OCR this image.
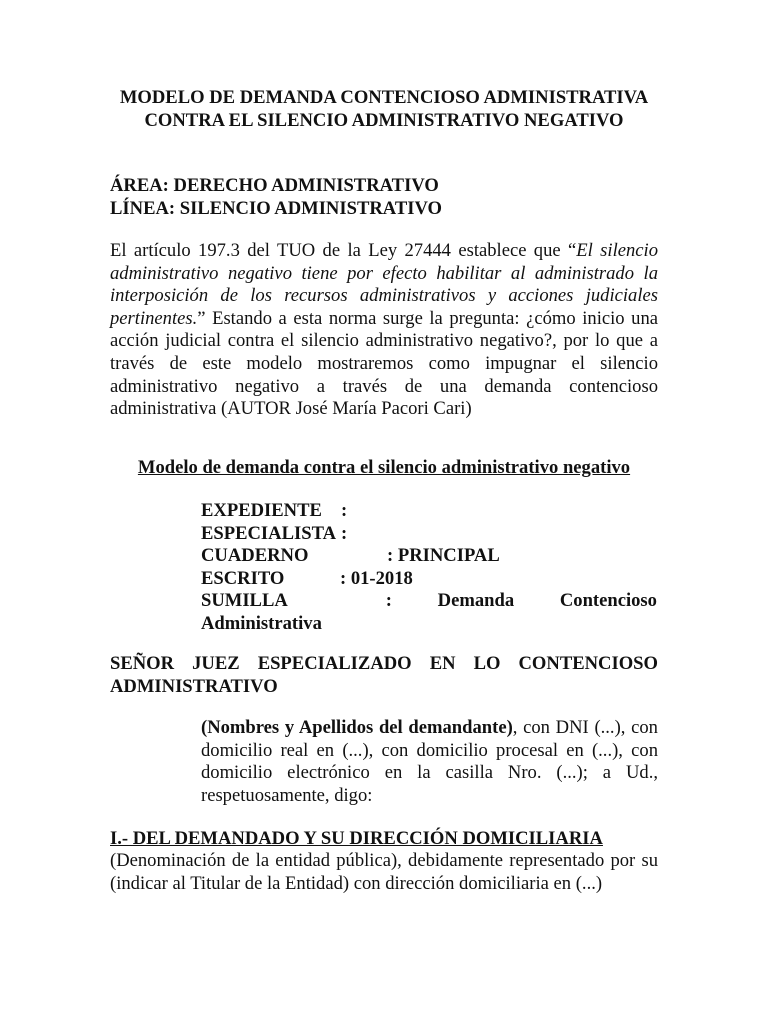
MODELO DE DEMANDA CONTENCIOSO ADMINISTRATIVA
CONTRA EL SILENCIO ADMINISTRATIVO NEGATIVO
ÁREA: DERECHO ADMINISTRATIVO
LÍNEA: SILENCIO ADMINISTRATIVO
El artículo 197.3 del TUO de la Ley 27444 establece que “El silencio administrativo negativo tiene por efecto habilitar al administrado la interposición de los recursos administrativos y acciones judiciales pertinentes.” Estando a esta norma surge la pregunta: ¿cómo inicio una acción judicial contra el silencio administrativo negativo?, por lo que a través de este modelo mostraremos como impugnar el silencio administrativo negativo a través de una demanda contencioso administrativa (AUTOR José María Pacori Cari)
Modelo de demanda contra el silencio administrativo negativo
EXPEDIENTE :
ESPECIALISTA :
CUADERNO	: PRINCIPAL
ESCRITO	: 01-2018
SUMILLA	: Demanda Contencioso
Administrativa
SEÑOR JUEZ ESPECIALIZADO EN LO CONTENCIOSO
ADMINISTRATIVO
(Nombres y Apellidos del demandante), con DNI (...), con domicilio real en (...), con domicilio procesal en (...), con domicilio electrónico en la casilla Nro. (...); a Ud., respetuosamente, digo:
I.- DEL DEMANDADO Y SU DIRECCIÓN DOMICILIARIA
(Denominación de la entidad pública), debidamente representado por su (indicar al Titular de la Entidad) con dirección domiciliaria en (...)
